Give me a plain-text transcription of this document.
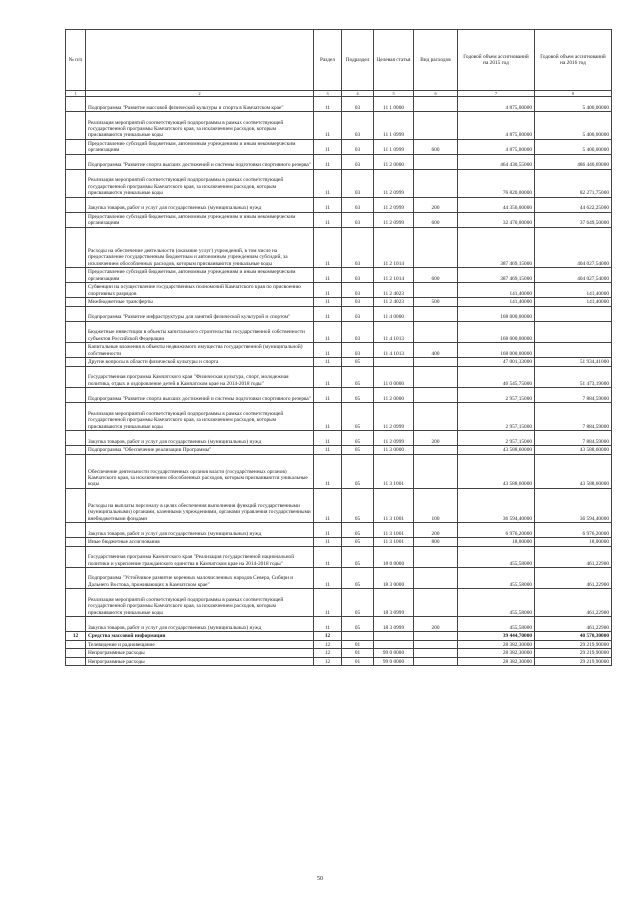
№ п/п		Раздел	Подраздел	Целевая статья	Вид расходов	Годовой объем ассигнований на 2015 год	Годовой объем ассигнований на 2016 год
1	2	3	4	5	6	7	8
	Подпрограмма "Развитие массовой физической культуры и спорта в Камчатском крае"	11	03	11 1 0000		4 875,00000	5 400,00000
	Реализация мероприятий соответствующей подпрограммы в рамках соответствующей государственной программы Камчатского края, за исключением расходов, которым присваиваются уникальные коды	11	03	11 1 0999		4 875,00000	5 400,00000
	Предоставление субсидий бюджетным, автономным учреждениям и иным некоммерческим организациям	11	03	11 1 0999	600	4 875,00000	5 400,00000
	Подпрограмма "Развитие спорта высших достижений и системы подготовки спортивного резерва"	11	03	11 2 0000		464 430,55000	486 440,69000
	Реализация мероприятий соответствующей подпрограммы в рамках соответствующей государственной программы Камчатского края, за исключением расходов, которым присваиваются уникальные коды	11	03	11 2 0999		76 820,00000	82 271,75000
	Закупка товаров, работ и услуг для государственных (муниципальных) нужд	11	03	11 2 0999	200	44 350,00000	44 622,25000
	Предоставление субсидий бюджетным, автономным учреждениям и иным некоммерческим организациям	11	03	11 2 0999	600	32 470,00000	37 649,50000
	Расходы на обеспечение деятельности (оказание услуг) учреждений, в том числе на предоставление государственным бюджетным и автономным учреждениям субсидий, за исключением обособленных расходов, которым присваиваются уникальные коды	11	03	11 2 1014		387 469,15000	404 027,54000
	Предоставление субсидий бюджетным, автономным учреждениям и иным некоммерческим организациям	11	03	11 2 1014	600	387 469,15000	404 027,54000
	Субвенции на осуществление государственных полномочий Камчатского края по присвоению спортивных разрядов	11	03	11 2 4023		141,40000	141,40000
	Межбюджетные трансферты	11	03	11 2 4023	500	141,40000	141,40000
	Подпрограмма "Развитие инфраструктуры для занятий физической культурой и спортом"	11	03	11 4 0000		168 000,00000	
	Бюджетные инвестиции в объекты капитального строительства государственной собственности субъектов Российской Федерации	11	03	11 4 1013		168 000,00000	
	Капитальные вложения в объекты недвижимого имущества государственной (муниципальной) собственности	11	03	11 4 1013	400	168 000,00000	
	Другие вопросы в области физической культуры и спорта	11	05			47 001,33000	51 934,41000
	Государственная программа Камчатского края "Физическая культура, спорт, молодежная политика, отдых и оздоровление детей в Камчатском крае на 2014-2018 годы"	11	05	11 0 0000		46 545,75000	51 473,19000
	Подпрограмма "Развитие спорта высших достижений и системы подготовки спортивного резерва"	11	05	11 2 0000		2 957,15000	7 884,59000
	Реализация мероприятий соответствующей подпрограммы в рамках соответствующей государственной программы Камчатского края, за исключением расходов, которым присваиваются уникальные коды	11	05	11 2 0999		2 957,15000	7 884,59000
	Закупка товаров, работ и услуг для государственных (муниципальных) нужд	11	05	11 2 0999	200	2 957,15000	7 884,59000
	Подпрограмма "Обеспечение реализации Программы"	11	05	11 3 0000		43 588,60000	43 588,60000
	Обеспечение деятельности государственных органов власти (государственных органов) Камчатского края, за исключением обособленных расходов, которым присваиваются уникальные коды	11	05	11 3 1001		43 588,60000	43 588,60000
	Расходы на выплаты персоналу в целях обеспечения выполнения функций государственными (муниципальными) органами, казенными учреждениями, органами управления государственными внебюджетными фондами	11	05	11 3 1001	100	36 594,40000	36 594,40000
	Закупка товаров, работ и услуг для государственных (муниципальных) нужд	11	05	11 3 1001	200	6 976,20000	6 976,20000
	Иные бюджетные ассигнования	11	05	11 3 1001	800	18,00000	18,00000
	Государственная программа Камчатского края "Реализация государственной национальной политики и укрепление гражданского единства в Камчатском крае на 2014-2018 годы"	11	05	18 0 0000		455,58000	461,22900
	Подпрограмма "Устойчивое развитие коренных малочисленных народов Севера, Сибири и Дальнего Востока, проживающих в Камчатском крае"	11	05	18 3 0000		455,58000	461,22900
	Реализация мероприятий соответствующей подпрограммы в рамках соответствующей государственной программы Камчатского края, за исключением расходов, которым присваиваются уникальные коды	11	05	18 3 0999		455,58000	461,22900
	Закупка товаров, работ и услуг для государственных (муниципальных) нужд	11	05	18 3 0999	200	455,58000	461,22900
12	Средства массовой информации	12				39 444,70000	40 570,30000
	Телевидение и радиовещание	12	01			28 382,30000	29 219,90000
	Непрограммные расходы	12	01	99 0 0000		28 382,30000	29 219,90000
	Непрограммные расходы	12	01	99 0 0000		28 382,30000	29 219,90000
50
